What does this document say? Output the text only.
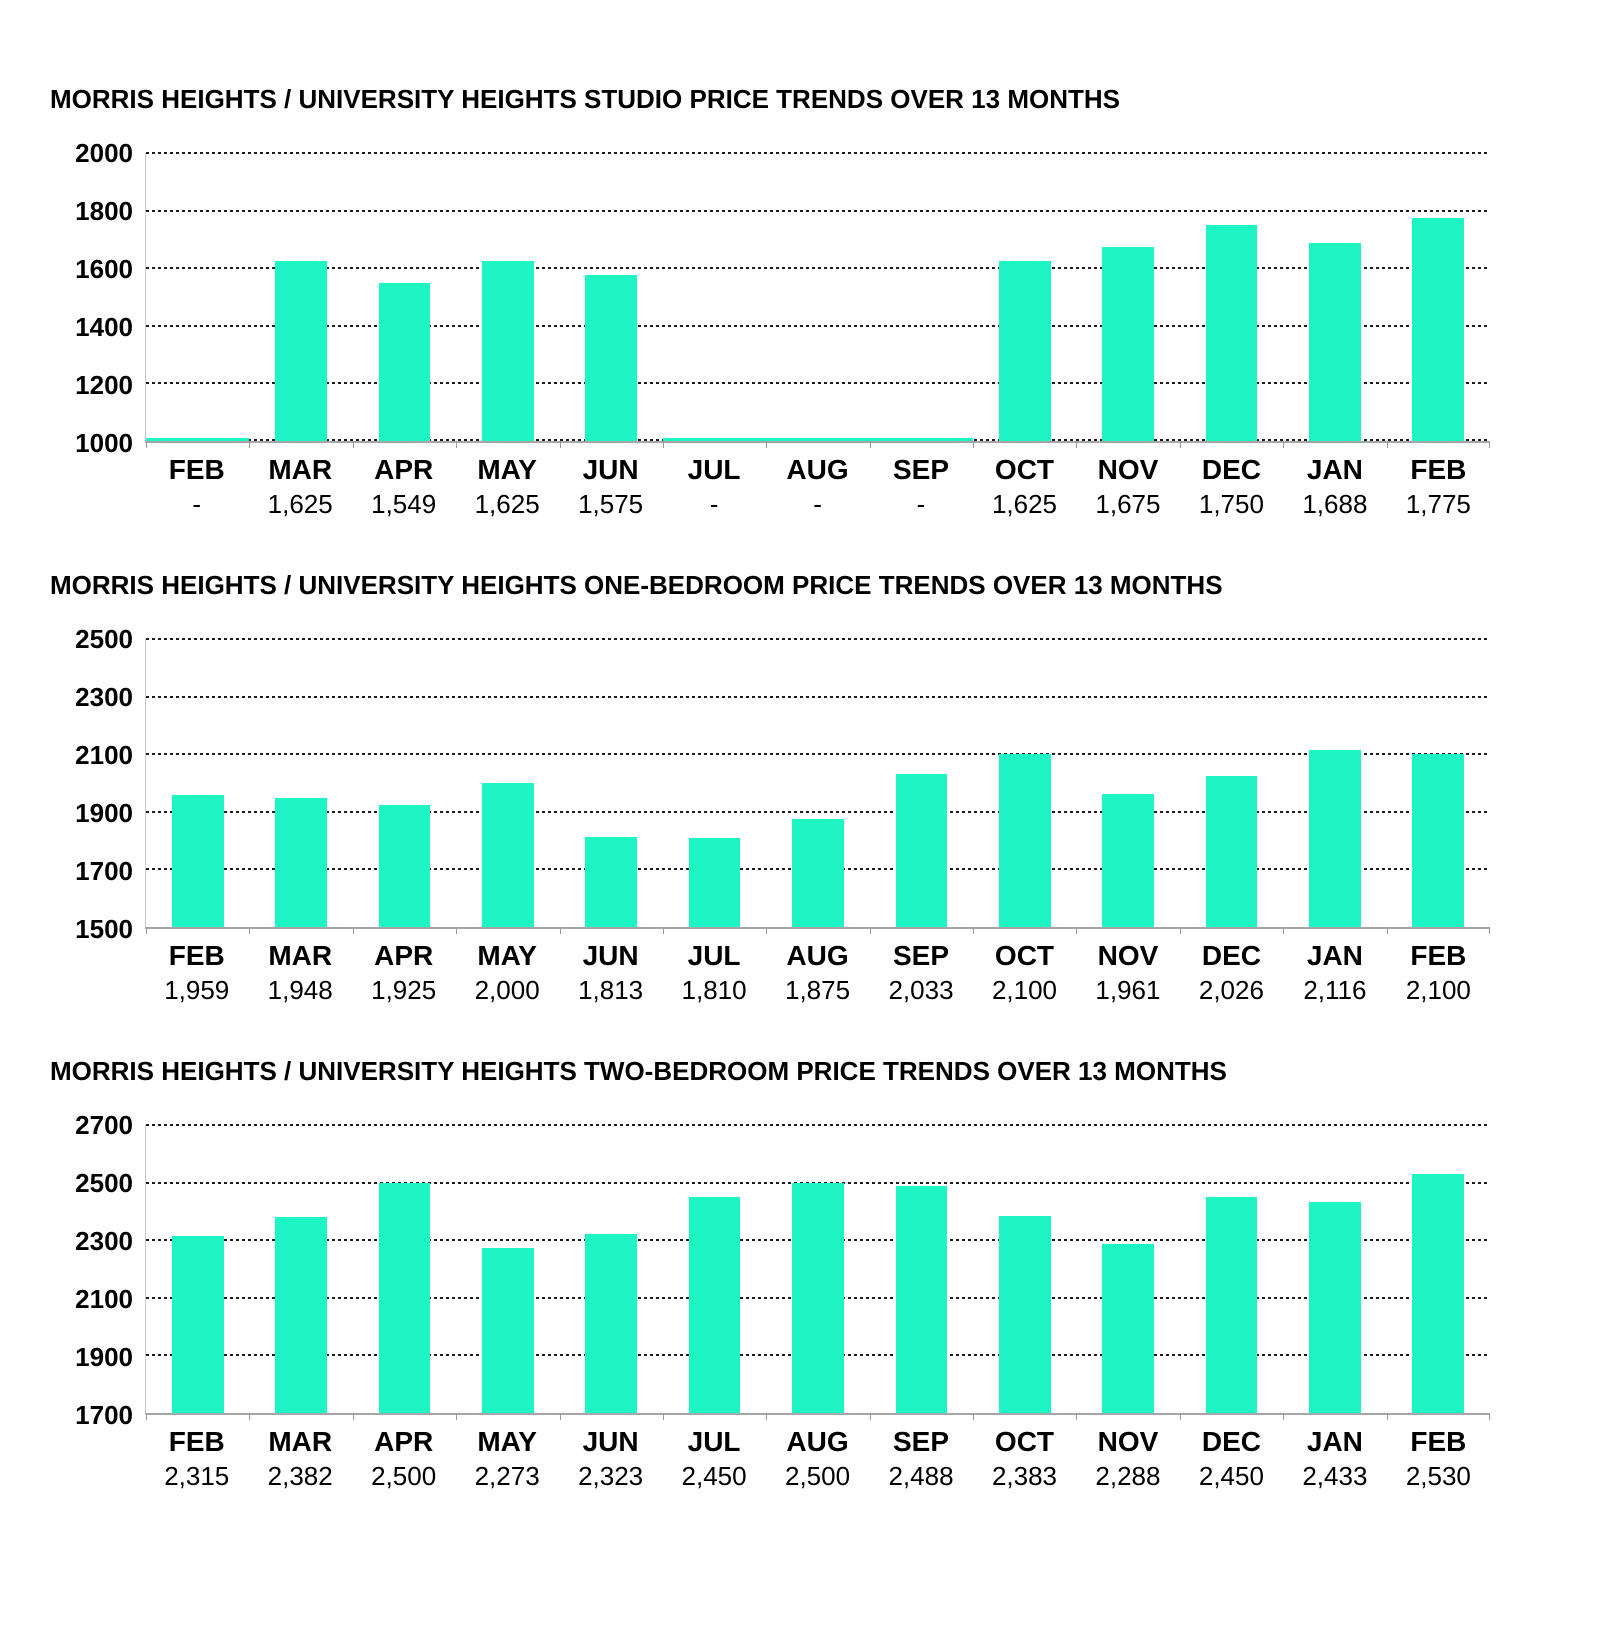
MORRIS HEIGHTS / UNIVERSITY HEIGHTS STUDIO PRICE TRENDS OVER 13 MONTHS
1000
1200
1400
1600
1800
2000
FEB
-
MAR
1,625
APR
1,549
MAY
1,625
JUN
1,575
JUL
-
AUG
-
SEP
-
OCT
1,625
NOV
1,675
DEC
1,750
JAN
1,688
FEB
1,775
MORRIS HEIGHTS / UNIVERSITY HEIGHTS ONE-BEDROOM PRICE TRENDS OVER 13 MONTHS
1500
1700
1900
2100
2300
2500
FEB
1,959
MAR
1,948
APR
1,925
MAY
2,000
JUN
1,813
JUL
1,810
AUG
1,875
SEP
2,033
OCT
2,100
NOV
1,961
DEC
2,026
JAN
2,116
FEB
2,100
MORRIS HEIGHTS / UNIVERSITY HEIGHTS TWO-BEDROOM PRICE TRENDS OVER 13 MONTHS
1700
1900
2100
2300
2500
2700
FEB
2,315
MAR
2,382
APR
2,500
MAY
2,273
JUN
2,323
JUL
2,450
AUG
2,500
SEP
2,488
OCT
2,383
NOV
2,288
DEC
2,450
JAN
2,433
FEB
2,530
